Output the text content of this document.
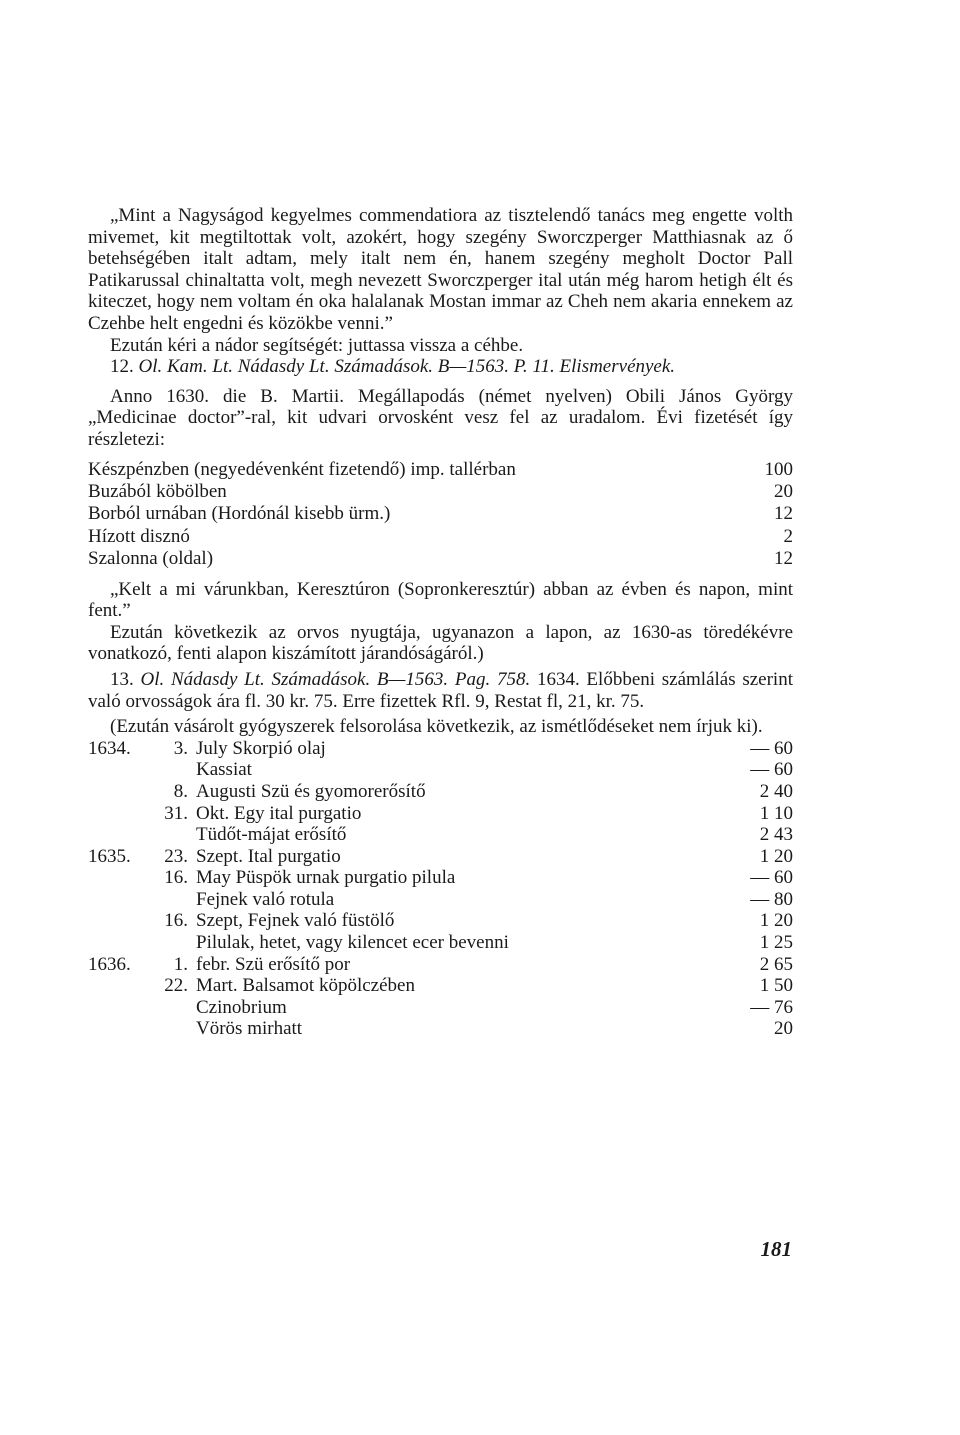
„Mint a Nagyságod kegyelmes commendatiora az tisztelendő tanács meg engette volth mivemet, kit megtiltottak volt, azokért, hogy szegény Sworczperger Matthiasnak az ő betehségében italt adtam, mely italt nem én, hanem szegény megholt Doctor Pall Patikarussal chinaltatta volt, megh nevezett Sworczperger ital után még harom hetigh élt és kiteczet, hogy nem voltam én oka halalanak Mostan immar az Cheh nem akaria ennekem az Czehbe helt engedni és közökbe venni.”

Ezután kéri a nádor segítségét: juttassa vissza a céhbe.

12. Ol. Kam. Lt. Nádasdy Lt. Számadások. B—1563. P. 11. Elismervények.

Anno 1630. die B. Martii. Megállapodás (német nyelven) Obili János György „Medicinae doctor”-ral, kit udvari orvosként vesz fel az uradalom. Évi fizetését így részletezi:

Készpénzben (negyedévenként fizetendő) imp. tallérban	100
Buzából köbölben	20
Borból urnában (Hordónál kisebb ürm.)	12
Hízott disznó	2
Szalonna (oldal)	12

„Kelt a mi várunkban, Keresztúron (Sopronkeresztúr) abban az évben és napon, mint fent.”

Ezután következik az orvos nyugtája, ugyanazon a lapon, az 1630-as töredékévre vonatkozó, fenti alapon kiszámított járandóságáról.)

13. Ol. Nádasdy Lt. Számadások. B—1563. Pag. 758. 1634. Előbbeni számlálás szerint való orvosságok ára fl. 30 kr. 75. Erre fizettek Rfl. 9, Restat fl, 21, kr. 75.

(Ezután vásárolt gyógyszerek felsorolása következik, az ismétlődéseket nem írjuk ki).

1634.	3. July Skorpió olaj	— 60
Kassiat	— 60
8. Augusti Szü és gyomorerősítő	2 40
31. Okt. Egy ital purgatio	1 10
Tüdőt-májat erősítő	2 43
1635.	23. Szept. Ital purgatio	1 20
16. May Püspök urnak purgatio pilula	— 60
Fejnek való rotula	— 80
16. Szept, Fejnek való füstölő	1 20
Pilulak, hetet, vagy kilencet ecer bevenni	1 25
1636.	1. febr. Szü erősítő por	2 65
22. Mart. Balsamot köpölczében	1 50
Czinobrium	— 76
Vörös mirhatt	20
181
